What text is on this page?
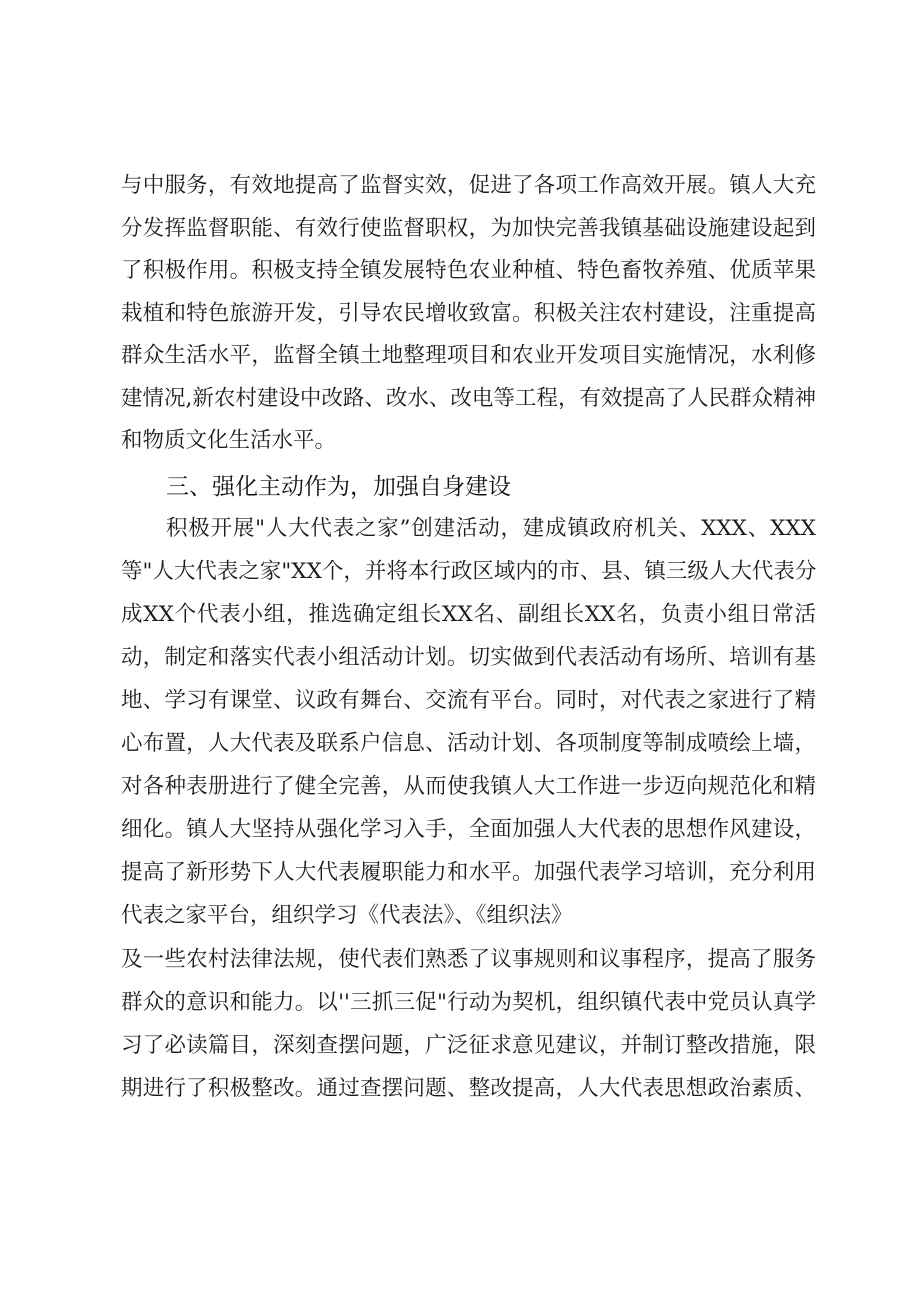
与中服务，有效地提高了监督实效，促进了各项工作高效开展。镇人大充
分发挥监督职能、有效行使监督职权，为加快完善我镇基础设施建设起到
了积极作用。积极支持全镇发展特色农业种植、特色畜牧养殖、优质苹果
栽植和特色旅游开发，引导农民增收致富。积极关注农村建设，注重提高
群众生活水平，监督全镇土地整理项目和农业开发项目实施情况，水利修
建情况,新农村建设中改路、改水、改电等工程，有效提高了人民群众精神
和物质文化生活水平。
三、强化主动作为，加强自身建设
积极开展"人大代表之家”创建活动，建成镇政府机关、XXX、XXX
等"人大代表之家"XX个，并将本行政区域内的市、县、镇三级人大代表分
成XX个代表小组，推选确定组长XX名、副组长XX名，负责小组日常活
动，制定和落实代表小组活动计划。切实做到代表活动有场所、培训有基
地、学习有课堂、议政有舞台、交流有平台。同时，对代表之家进行了精
心布置，人大代表及联系户信息、活动计划、各项制度等制成喷绘上墙，
对各种表册进行了健全完善，从而使我镇人大工作进一步迈向规范化和精
细化。镇人大坚持从强化学习入手，全面加强人大代表的思想作风建设，
提高了新形势下人大代表履职能力和水平。加强代表学习培训，充分利用
代表之家平台，组织学习《代表法》、《组织法》
及一些农村法律法规，使代表们熟悉了议事规则和议事程序，提高了服务
群众的意识和能力。以''三抓三促"行动为契机，组织镇代表中党员认真学
习了必读篇目，深刻查摆问题，广泛征求意见建议，并制订整改措施，限
期进行了积极整改。通过查摆问题、整改提高，人大代表思想政治素质、
